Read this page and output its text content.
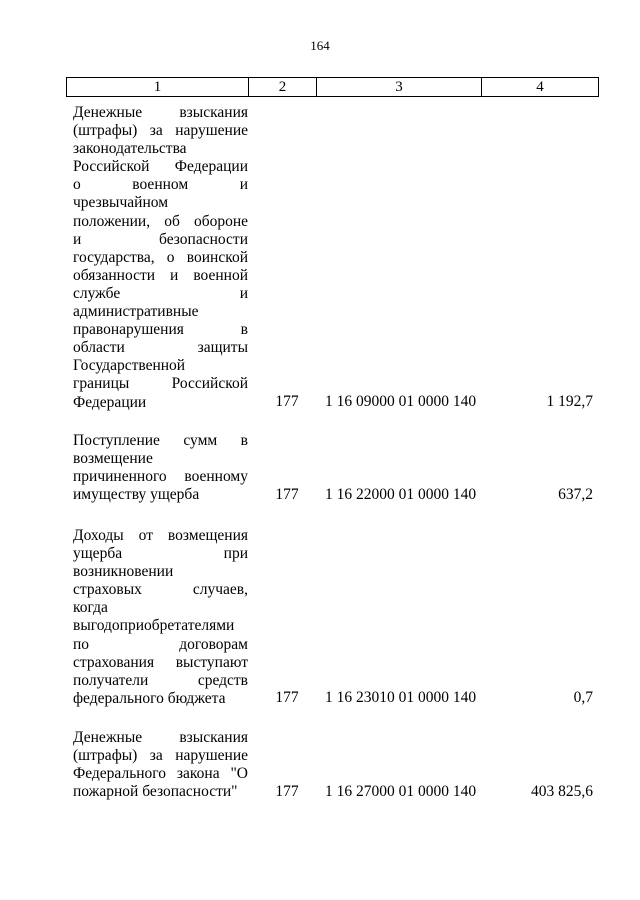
164
1	2	3	4
Денежные взыскания
(штрафы) за нарушение
законодательства
Российской Федерации
о военном и
чрезвычайном
положении, об обороне
и безопасности
государства, о воинской
обязанности и военной
службе и
административные
правонарушения в
области защиты
Государственной
границы Российской
Федерации	177	1 16 09000 01 0000 140	1 192,7
Поступление сумм в
возмещение
причиненного военному
имуществу ущерба	177	1 16 22000 01 0000 140	637,2
Доходы от возмещения
ущерба при
возникновении
страховых случаев,
когда
выгодоприобретателями
по договорам
страхования выступают
получатели средств
федерального бюджета	177	1 16 23010 01 0000 140	0,7
Денежные взыскания
(штрафы) за нарушение
Федерального закона "О
пожарной безопасности"	177	1 16 27000 01 0000 140	403 825,6
